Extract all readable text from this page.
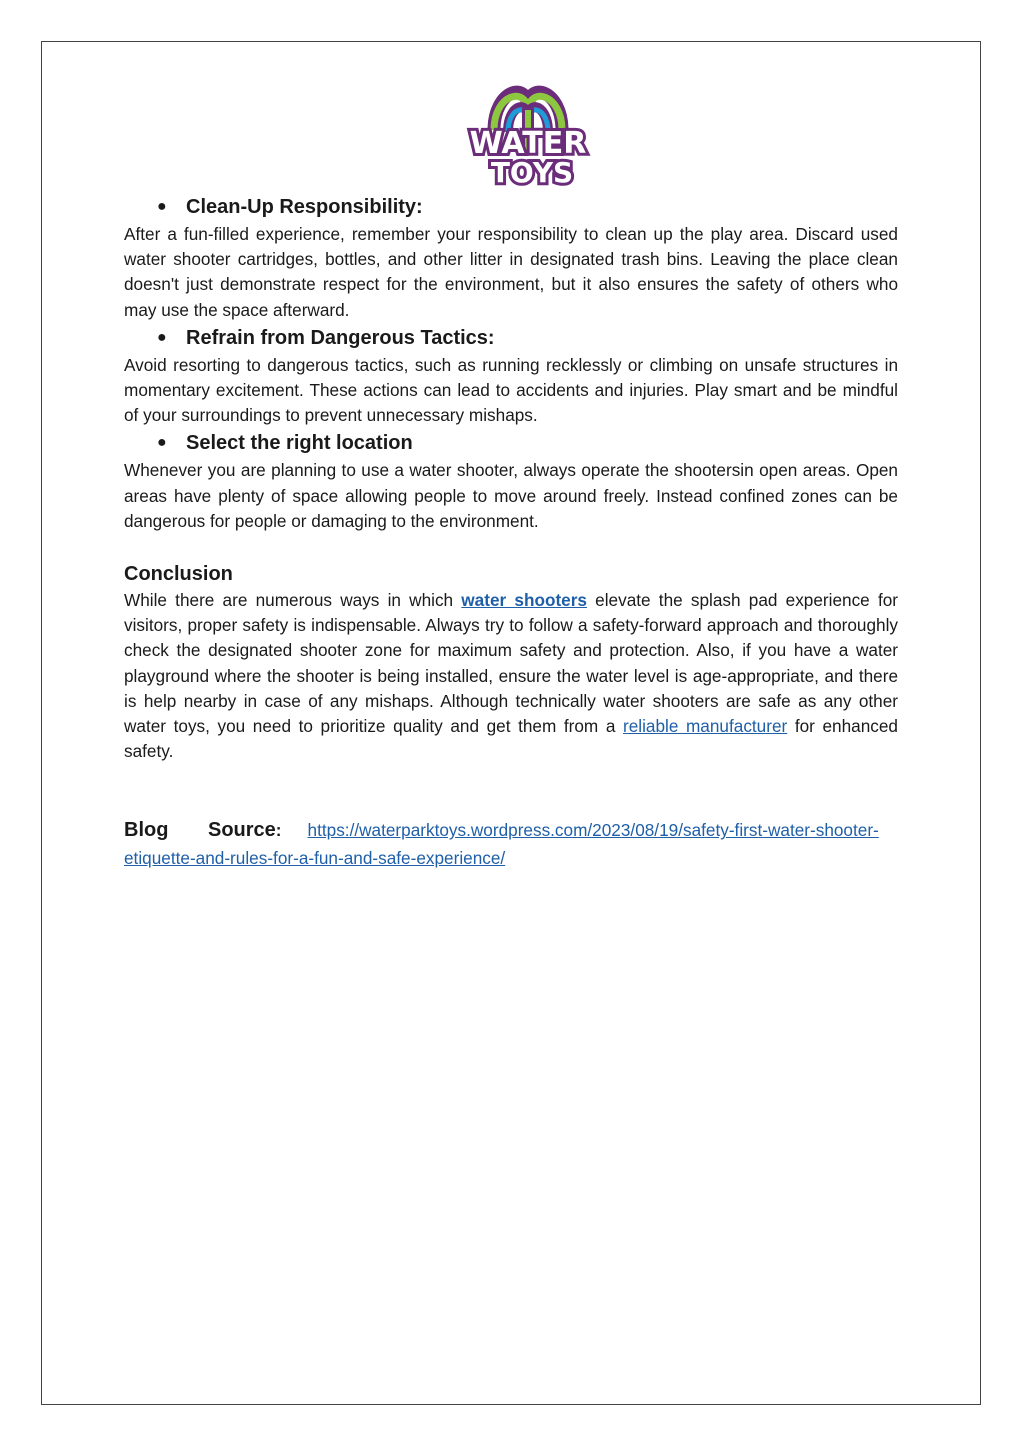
WATER
TOYS
● Clean-Up Responsibility:

After a fun-filled experience, remember your responsibility to clean up the play area. Discard used water shooter cartridges, bottles, and other litter in designated trash bins. Leaving the place clean doesn't just demonstrate respect for the environment, but it also ensures the safety of others who may use the space afterward.

● Refrain from Dangerous Tactics:

Avoid resorting to dangerous tactics, such as running recklessly or climbing on unsafe structures in momentary excitement. These actions can lead to accidents and injuries. Play smart and be mindful of your surroundings to prevent unnecessary mishaps.

● Select the right location

Whenever you are planning to use a water shooter, always operate the shootersin open areas. Open areas have plenty of space allowing people to move around freely. Instead confined zones can be dangerous for people or damaging to the environment.

Conclusion

While there are numerous ways in which water shooters elevate the splash pad experience for visitors, proper safety is indispensable. Always try to follow a safety-forward approach and thoroughly check the designated shooter zone for maximum safety and protection. Also, if you have a water playground where the shooter is being installed, ensure the water level is age-appropriate, and there is help nearby in case of any mishaps. Although technically water shooters are safe as any other water toys, you need to prioritize quality and get them from a reliable manufacturer for enhanced safety.

Blog Source: https://waterparktoys.wordpress.com/2023/08/19/safety-first-water-shooter-etiquette-and-rules-for-a-fun-and-safe-experience/
